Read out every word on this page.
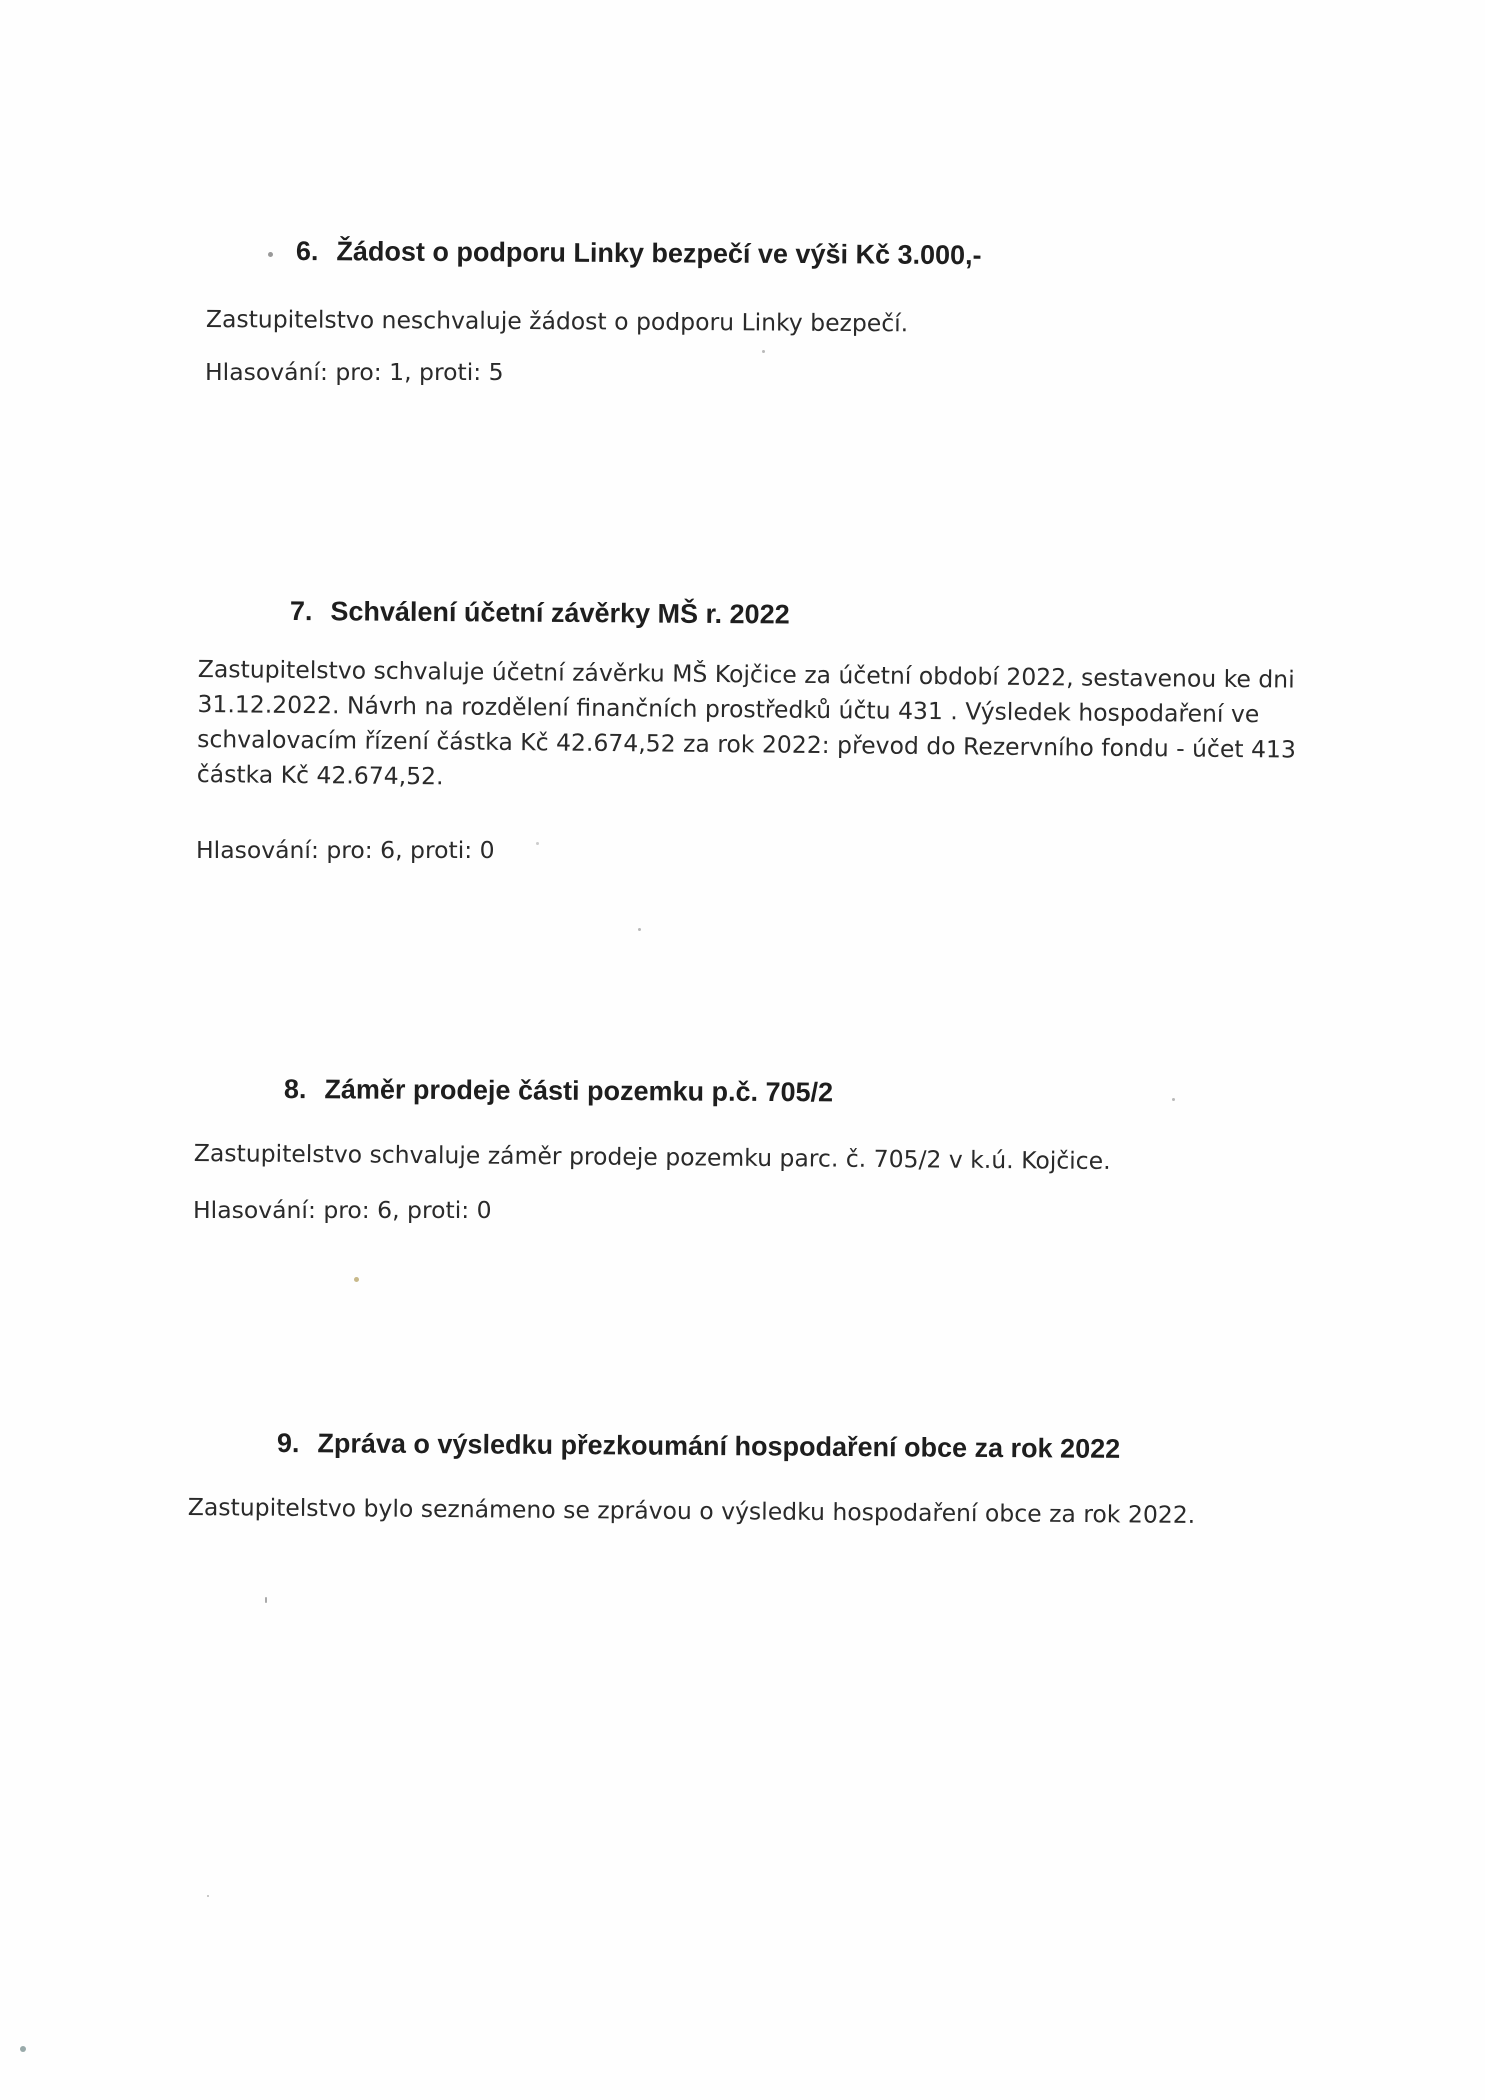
6. Žádost o podporu Linky bezpečí ve výši Kč 3.000,-

Zastupitelstvo neschvaluje žádost o podporu Linky bezpečí.

Hlasování: pro: 1, proti: 5

7. Schválení účetní závěrky MŠ r. 2022

Zastupitelstvo schvaluje účetní závěrku MŠ Kojčice za účetní období 2022, sestavenou ke dni

31.12.2022. Návrh na rozdělení finančních prostředků účtu 431 . Výsledek hospodaření ve

schvalovacím řízení částka Kč 42.674,52 za rok 2022: převod do Rezervního fondu - účet 413

částka Kč 42.674,52.

Hlasování: pro: 6, proti: 0

8. Záměr prodeje části pozemku p.č. 705/2

Zastupitelstvo schvaluje záměr prodeje pozemku parc. č. 705/2 v k.ú. Kojčice.

Hlasování: pro: 6, proti: 0

9. Zpráva o výsledku přezkoumání hospodaření obce za rok 2022

Zastupitelstvo bylo seznámeno se zprávou o výsledku hospodaření obce za rok 2022.
